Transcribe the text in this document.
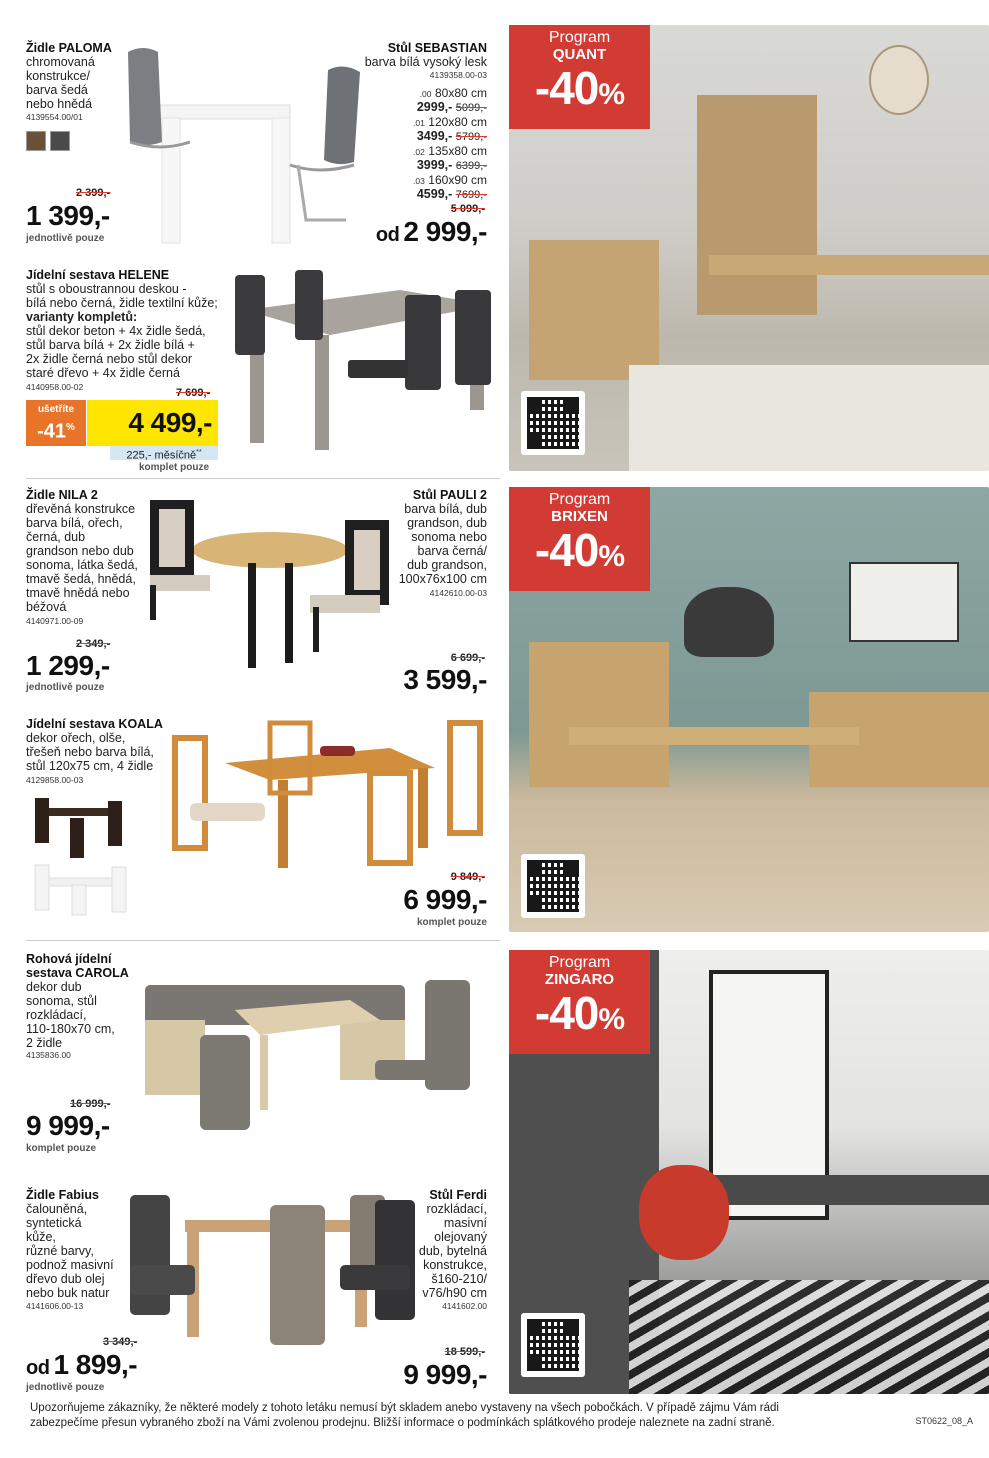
Židle PALOMA
chromovaná
konstrukce/
barva šedá
nebo hnědá
4139554.00/01
2 399,-
1 399,-
jednotlivě pouze
Stůl SEBASTIAN
barva bílá vysoký lesk
4139358.00-03
.00 80x80 cm
2999,- 5099,-
.01 120x80 cm
3499,- 5799,-
.02 135x80 cm
3999,- 6399,-
.03 160x90 cm
4599,- 7699,-
5 099,-
od 2 999,-
Program
QUANT
-40%
Jídelní sestava HELENE
stůl s oboustrannou deskou -
bílá nebo černá, židle textilní kůže;
varianty kompletů:
stůl dekor beton + 4x židle šedá,
stůl barva bílá + 2x židle bílá +
2x židle černá nebo stůl dekor
staré dřevo + 4x židle černá
4140958.00-02	7 699,-
ušetříte
-41%	4 499,-
225,- měsíčně**
komplet pouze
Židle NILA 2
dřevěná konstrukce
barva bílá, ořech,
černá, dub
grandson nebo dub
sonoma, látka šedá,
tmavě šedá, hnědá,
tmavě hnědá nebo
béžová
4140971.00-09
2 349,-
1 299,-
jednotlivě pouze
Stůl PAULI 2
barva bílá, dub
grandson, dub
sonoma nebo
barva černá/
dub grandson,
100x76x100 cm
4142610.00-03
6 699,-
3 599,-
Program
BRIXEN
-40%
Jídelní sestava KOALA
dekor ořech, olše,
třešeň nebo barva bílá,
stůl 120x75 cm, 4 židle
4129858.00-03
9 849,-
6 999,-
komplet pouze
Rohová jídelní
sestava CAROLA
dekor dub
sonoma, stůl
rozkládací,
110-180x70 cm,
2 židle
4135836.00
16 999,-
9 999,-
komplet pouze
Program
ZINGARO
-40%
Židle Fabius
čalouněná,
syntetická
kůže,
různé barvy,
podnož masivní
dřevo dub olej
nebo buk natur
4141606.00-13
3 349,-
od 1 899,-
jednotlivě pouze
Stůl Ferdi
rozkládací,
masivní
olejovaný
dub, bytelná
konstrukce,
š160-210/
v76/h90 cm
4141602.00
18 599,-
9 999,-
Upozorňujeme zákazníky, že některé modely z tohoto letáku nemusí být skladem anebo vystaveny na všech pobočkách. V případě zájmu Vám rádi
zabezpečíme přesun vybraného zboží na Vámi zvolenou prodejnu. Bližší informace o podmínkách splátkového prodeje naleznete na zadní straně.	ST0622_08_A
